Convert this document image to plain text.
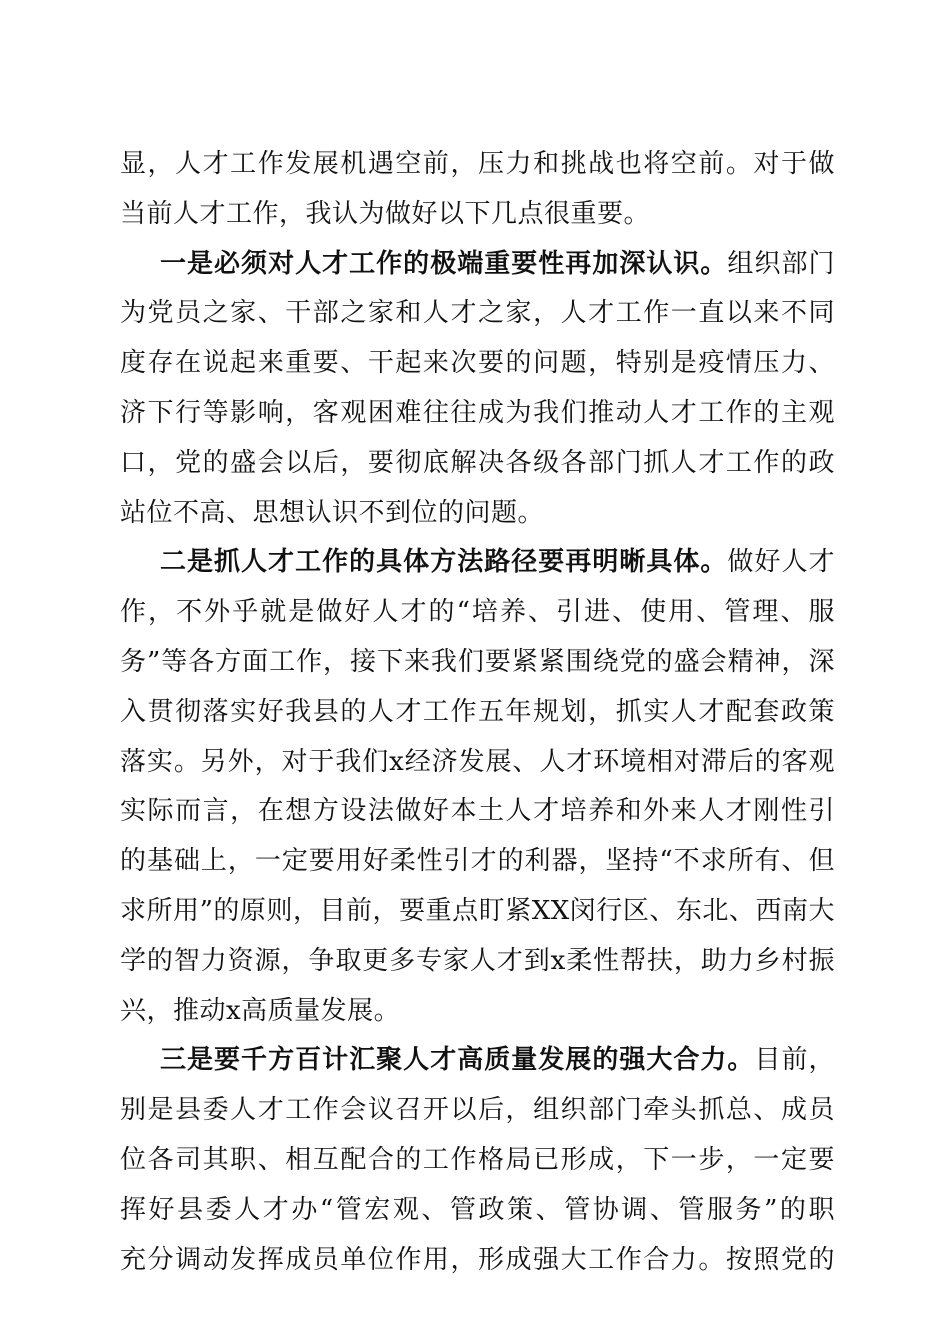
显，人才工作发展机遇空前，压力和挑战也将空前。对于做
当前人才工作，我认为做好以下几点很重要。
一是必须对人才工作的极端重要性再加深认识。组织部门
为党员之家、干部之家和人才之家，人才工作一直以来不同
度存在说起来重要、干起来次要的问题，特别是疫情压力、
济下行等影响，客观困难往往成为我们推动人才工作的主观
口，党的盛会以后，要彻底解决各级各部门抓人才工作的政
站位不高、思想认识不到位的问题。
二是抓人才工作的具体方法路径要再明晰具体。做好人才
作，不外乎就是做好人才的“培养、引进、使用、管理、服
务”等各方面工作，接下来我们要紧紧围绕党的盛会精神，深
入贯彻落实好我县的人才工作五年规划，抓实人才配套政策
落实。另外，对于我们x经济发展、人才环境相对滞后的客观
实际而言，在想方设法做好本土人才培养和外来人才刚性引
的基础上，一定要用好柔性引才的利器，坚持“不求所有、但
求所用”的原则，目前，要重点盯紧XX闵行区、东北、西南大
学的智力资源，争取更多专家人才到x柔性帮扶，助力乡村振
兴，推动x高质量发展。
三是要千方百计汇聚人才高质量发展的强大合力。目前，
别是县委人才工作会议召开以后，组织部门牵头抓总、成员
位各司其职、相互配合的工作格局已形成，下一步，一定要
挥好县委人才办“管宏观、管政策、管协调、管服务”的职
充分调动发挥成员单位作用，形成强大工作合力。按照党的
